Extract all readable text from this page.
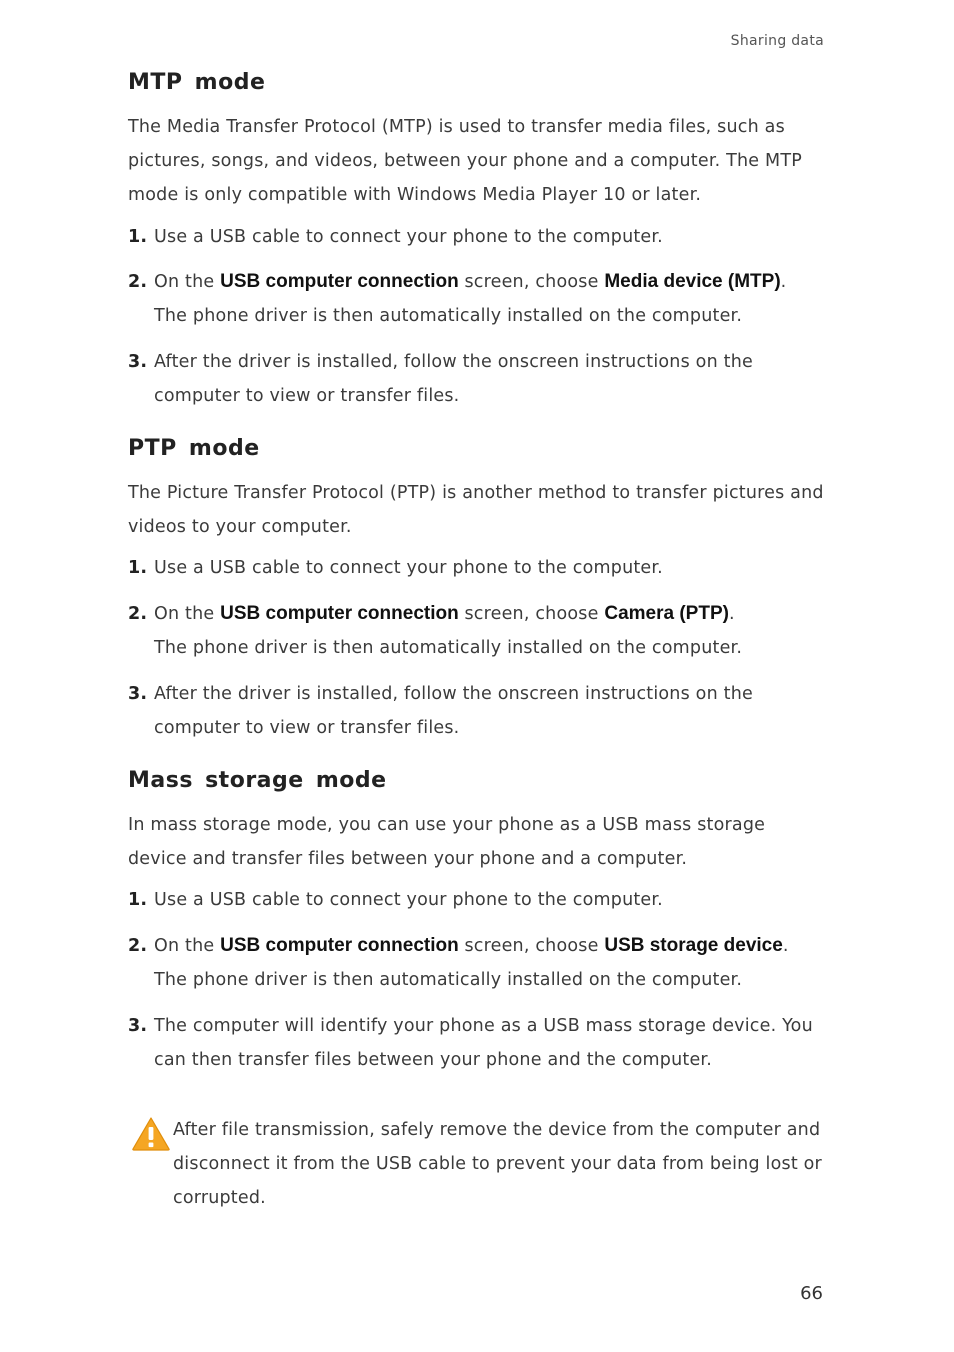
Sharing data
MTP mode

The Media Transfer Protocol (MTP) is used to transfer media files, such as pictures, songs, and videos, between your phone and a computer. The MTP mode is only compatible with Windows Media Player 10 or later.

1. Use a USB cable to connect your phone to the computer.
2. On the USB computer connection screen, choose Media device (MTP).
The phone driver is then automatically installed on the computer.
3. After the driver is installed, follow the onscreen instructions on the computer to view or transfer files.
PTP mode

The Picture Transfer Protocol (PTP) is another method to transfer pictures and videos to your computer.

1. Use a USB cable to connect your phone to the computer.
2. On the USB computer connection screen, choose Camera (PTP).
The phone driver is then automatically installed on the computer.
3. After the driver is installed, follow the onscreen instructions on the computer to view or transfer files.
Mass storage mode

In mass storage mode, you can use your phone as a USB mass storage device and transfer files between your phone and a computer.

1. Use a USB cable to connect your phone to the computer.
2. On the USB computer connection screen, choose USB storage device.
The phone driver is then automatically installed on the computer.
3. The computer will identify your phone as a USB mass storage device. You can then transfer files between your phone and the computer.
After file transmission, safely remove the device from the computer and disconnect it from the USB cable to prevent your data from being lost or corrupted.
66
